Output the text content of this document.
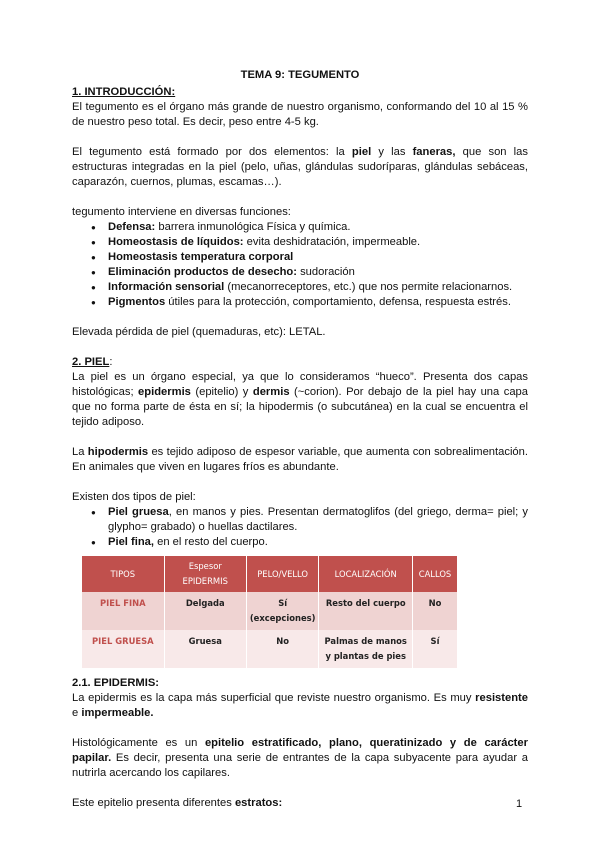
TEMA 9: TEGUMENTO
1. INTRODUCCIÓN:

El tegumento es el órgano más grande de nuestro organismo, conformando del 10 al 15 % de nuestro peso total. Es decir, peso entre 4-5 kg.

El tegumento está formado por dos elementos: la piel y las faneras, que son las estructuras integradas en la piel (pelo, uñas, glándulas sudoríparas, glándulas sebáceas, caparazón, cuernos, plumas, escamas…).

tegumento interviene en diversas funciones:

● Defensa: barrera inmunológica Física y química.
● Homeostasis de líquidos: evita deshidratación, impermeable.
● Homeostasis temperatura corporal
● Eliminación productos de desecho: sudoración
● Información sensorial (mecanorreceptores, etc.) que nos permite relacionarnos.
● Pigmentos útiles para la protección, comportamiento, defensa, respuesta estrés.

Elevada pérdida de piel (quemaduras, etc): LETAL.

2. PIEL:

La piel es un órgano especial, ya que lo consideramos “hueco”. Presenta dos capas histológicas; epidermis (epitelio) y dermis (~corion). Por debajo de la piel hay una capa que no forma parte de ésta en sí; la hipodermis (o subcutánea) en la cual se encuentra el tejido adiposo.

La hipodermis es tejido adiposo de espesor variable, que aumenta con sobrealimentación. En animales que viven en lugares fríos es abundante.

Existen dos tipos de piel:

● Piel gruesa, en manos y pies. Presentan dermatoglifos (del griego, derma= piel; y glypho= grabado) o huellas dactilares.
● Piel fina, en el resto del cuerpo.
TIPOS	Espesor EPIDERMIS	PELO/VELLO	LOCALIZACIÓN	CALLOS
PIEL FINA	Delgada	Sí (excepciones)	Resto del cuerpo	No
PIEL GRUESA	Gruesa	No	Palmas de manos y plantas de pies	Sí
2.1. EPIDERMIS:

La epidermis es la capa más superficial que reviste nuestro organismo. Es muy resistente e impermeable.

Histológicamente es un epitelio estratificado, plano, queratinizado y de carácter papilar. Es decir, presenta una serie de entrantes de la capa subyacente para ayudar a nutrirla acercando los capilares.

Este epitelio presenta diferentes estratos:	1
